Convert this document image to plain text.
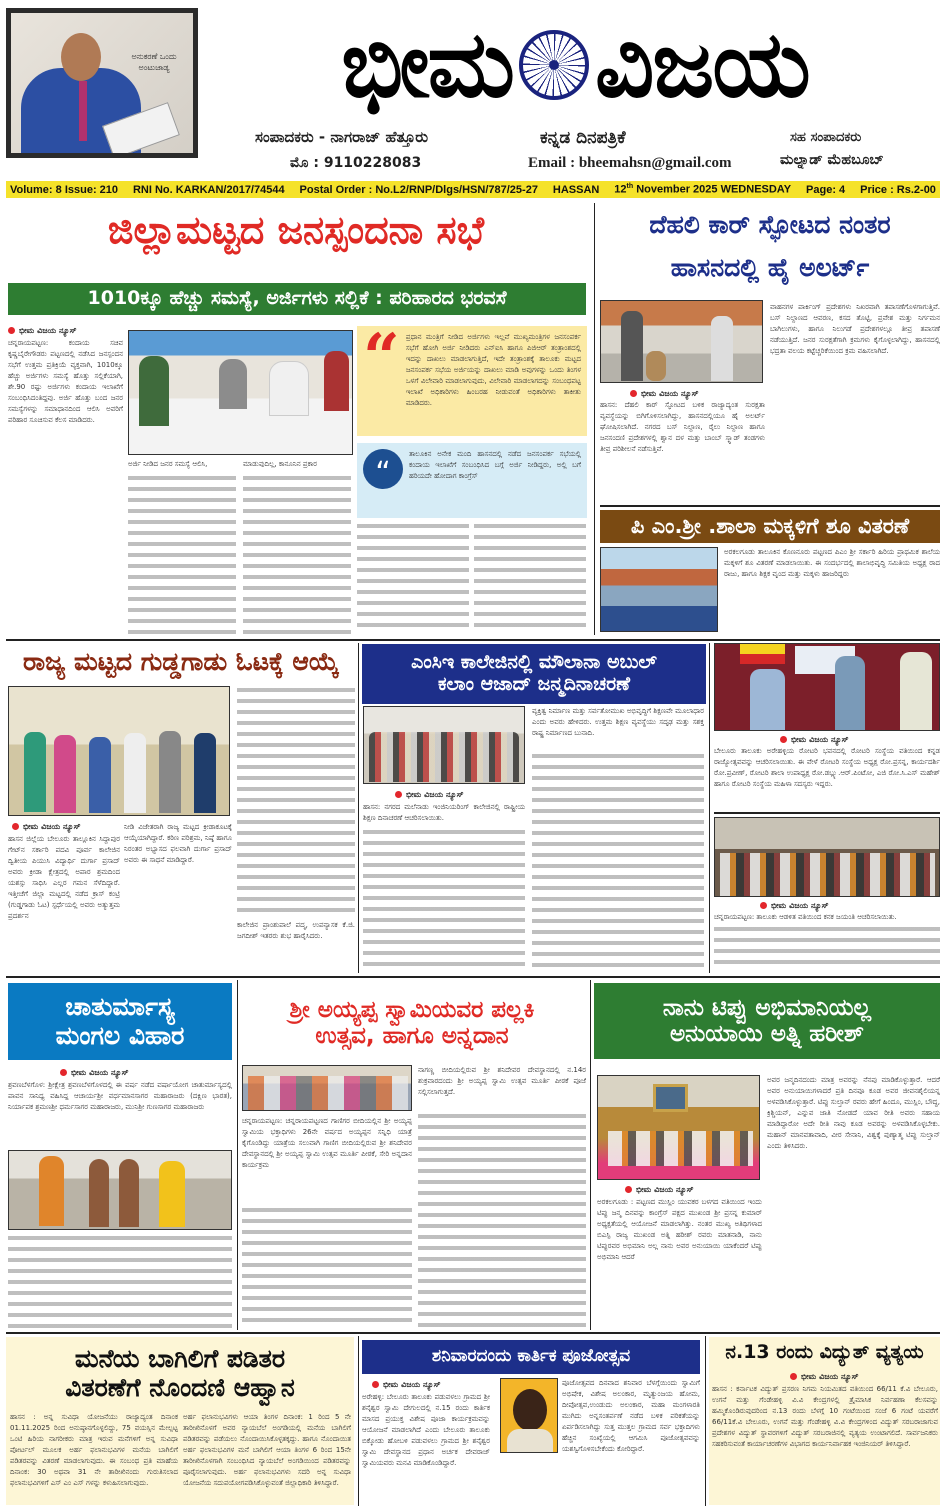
ಅನುಕರಣೆ ಒಂದು ಅಂಟುಜಾಡ್ಯ ಭೀಮ ವಿಜಯ
ಸಂಪಾದಕರು - ನಾಗರಾಜ್ ಹೆತ್ತೂರು
ಮೊ : 9110228083
ಕನ್ನಡ ದಿನಪತ್ರಿಕೆ
Email : bheemahsn@gmail.com
ಸಹ ಸಂಪಾದಕರು
ಮಲ್ನಾಡ್ ಮೆಹಬೂಬ್
Volume: 8 Issue: 210 RNI No. KARKAN/2017/74544 Postal Order : No.L2/RNP/Dlgs/HSN/787/25-27 HASSAN 12th November 2025 WEDNESDAY Page: 4 Price : Rs.2-00
ಜಿಲ್ಲಾಮಟ್ಟದ ಜನಸ್ಪಂದನಾ ಸಭೆ
1010ಕ್ಕೂ ಹೆಚ್ಚು ಸಮಸ್ಯೆ, ಅರ್ಜಿಗಳು ಸಲ್ಲಿಕೆ : ಪರಿಹಾರದ ಭರವಸೆ
ಭೀಮ ವಿಜಯ ನ್ಯೂಸ್
ಚನ್ನರಾಯಪಟ್ಟಣ: ಕಂದಾಯ ಸಚಿವ ಕೃಷ್ಣಬೈರೇಗೌಡರು ಪಟ್ಟಣದಲ್ಲಿ ನಡೆಸಿದ ಜನಸ್ಪಂದನ ಸಭೆಗೆ ಉತ್ತಮ ಪ್ರತಿಕ್ರಿಯೆ ವ್ಯಕ್ತವಾಗಿ, 1010ಕ್ಕೂ ಹೆಚ್ಚು ಅರ್ಜಿಗಳು ಸಮಸ್ಯೆ ಹೊತ್ತು ಸಲ್ಲಿಕೆಯಾಗಿ, ಶೇ.90 ರಷ್ಟು ಅರ್ಜಿಗಳು ಕಂದಾಯ ಇಲಾಖೆಗೆ ಸಂಬಂಧಿಸಿದಂತಿದ್ದವು. ಅರ್ಜಿ ಹೊತ್ತು ಬಂದ ಜನರ ಸಮಸ್ಯೆಗಳನ್ನು ಸಮಾಧಾನದಿಂದ ಆಲಿಸಿ ಅವರಿಗೆ ಪರಿಹಾರ ಸೂಚಿಸುವ ಕೆಲಸ ಮಾಡಿದರು.
ಅರ್ಜಿ ನೀಡಿದ ಜನರ ಸಮಸ್ಯೆ ಆಲಿಸಿ,	ಮಾಡುವುದಿಲ್ಲ, ಕಾನೂನಿನ ಪ್ರಕಾರ
“ ಪ್ರಧಾನ ಮಂತ್ರಿಗೆ ನೀಡಿದ ಅರ್ಜಿಗಳು ಇಲ್ಲವೆ ಮುಖ್ಯಮಂತ್ರಿಗಳ ಜನಸಂಪರ್ಕ ಸಭೆಗೆ ಹೋಗಿ ಅರ್ಜಿ ನೀಡಿದರು ಎನ್‌ಐಸಿ ಹಾಗೂ ಪಿಜಿಆರ್ ತಂತ್ರಾಂಶದಲ್ಲಿ ಇದನ್ನು ದಾಖಲು ಮಾಡಲಾಗುತ್ತಿದೆ, ಇದೇ ತಂತ್ರಾಂಶಕ್ಕೆ ತಾಲೂಕು ಮಟ್ಟದ ಜನಸಂಪರ್ಕ ಸಭೆಯ ಅರ್ಜಿಯನ್ನು ದಾಖಲು ಮಾಡಿ ಅವುಗಳನ್ನು ಒಂದು ತಿಂಗಳ ಒಳಗೆ ವಿಲೇವಾರಿ ಮಾಡಲಾಗುವುದು, ವಿಲೇವಾರಿ ಮಾಡಲಾಗದನ್ನು ಸಂಬಂಧಪಟ್ಟ ಇಲಾಖೆ ಅಧಿಕಾರಿಗಳು ಹಿಂಬರಹ ನೀಡುವಂತೆ ಅಧಿಕಾರಿಗಳು ತಾಕೀತು ಮಾಡಿದರು.
“
ತಾಲೂಕಿನ ಅನೇಕ ಮಂದಿ ಹಾಸನದಲ್ಲಿ ನಡೆದ ಜನಸಂಪರ್ಕ ಸಭೆಯಲ್ಲಿ ಕಂದಾಯ ಇಲಾಖೆಗೆ ಸಂಬಂಧಿಸಿದ ಬಗ್ಗೆ ಅರ್ಜಿ ನೀಡಿದ್ದರು, ಅಲ್ಲಿ ಬಗೆ ಹರಿಯದೇ ಹೋದಾಗ ಕಾಂಗ್ರೆಸ್
ದೆಹಲಿ ಕಾರ್ ಸ್ಫೋಟದ ನಂತರ
ಹಾಸನದಲ್ಲಿ ಹೈ ಅಲರ್ಟ್
ಭೀಮ ವಿಜಯ ನ್ಯೂಸ್
ಹಾಸನ: ದೆಹಲಿ ಕಾರ್ ಸ್ಫೋಟದ ಬಳಿಕ ರಾಜ್ಯಾದ್ಯಂತ ಸುರಕ್ಷತಾ ವ್ಯವಸ್ಥೆಯನ್ನು ಬಿಗಿಗೊಳಿಸಲಾಗಿದ್ದು, ಹಾಸನದಲ್ಲಿಯೂ ಹೈ ಅಲರ್ಟ್ ಘೋಷಿಸಲಾಗಿದೆ. ನಗರದ ಬಸ್ ನಿಲ್ದಾಣ, ರೈಲು ನಿಲ್ದಾಣ ಹಾಗೂ ಜನಸಂದಣಿ ಪ್ರದೇಶಗಳಲ್ಲಿ ಶ್ವಾನ ದಳ ಮತ್ತು ಬಾಂಬ್ ಸ್ಕ್ವಾಡ್ ತಂಡಗಳು ತೀವ್ರ ಪರಿಶೀಲನೆ ನಡೆಸುತ್ತಿವೆ.
ವಾಹನಗಳ ಪಾರ್ಕಿಂಗ್ ಪ್ರದೇಶಗಳು ನಿಖರವಾಗಿ ತಪಾಸಣೆಗೊಳಗಾಗುತ್ತಿವೆ. ಬಸ್ ನಿಲ್ದಾಣದ ಆವರಣ, ಕಸದ ತೊಟ್ಟಿ, ಪ್ರವೇಶ ಮತ್ತು ನಿರ್ಗಮನ ಬಾಗಿಲುಗಳು, ಹಾಗೂ ನಿಲುಗಡೆ ಪ್ರದೇಶಗಳಲ್ಲೂ ತೀವ್ರ ತಪಾಸಣೆ ನಡೆಯುತ್ತಿದೆ. ಜನರ ಸುರಕ್ಷತೆಗಾಗಿ ಕ್ರಮಗಳು ಕೈಗೊಳ್ಳಲಾಗಿದ್ದು, ಹಾಸನದಲ್ಲಿ ಭದ್ರತಾ ವಲಯ ಕಟ್ಟೆಚ್ಚರಿಕೆಯಿಂದ ಕ್ರಮ ವಹಿಸಲಾಗಿದೆ.
ಪಿ ಎಂ.ಶ್ರೀ .ಶಾಲಾ ಮಕ್ಕಳಿಗೆ ಶೂ ವಿತರಣೆ
ಅರಕಲಗೂಡು ತಾಲೂಕಿನ ಕೊಣನೂರು ಪಟ್ಟಣದ ಪಿಎಂ ಶ್ರೀ ಸರ್ಕಾರಿ ಹಿರಿಯ ಪ್ರಾಥಮಿಕ ಶಾಲೆಯ ಮಕ್ಕಳಿಗೆ ಶೂ ವಿತರಣೆ ಮಾಡಲಾಯಿತು. ಈ ಸಂದರ್ಭದಲ್ಲಿ ಶಾಲಾಭಿವೃದ್ಧಿ ಸಮಿತಿಯ ಅಧ್ಯಕ್ಷ ರಾದ ರಾಜು, ಹಾಗೂ ಶಿಕ್ಷಕ ವೃಂದ ಮತ್ತು ಮಕ್ಕಳು ಹಾಜರಿದ್ದರು
ರಾಜ್ಯ ಮಟ್ಟದ ಗುಡ್ಡಗಾಡು ಓಟಕ್ಕೆ ಆಯ್ಕೆ
ಭೀಮ ವಿಜಯ ನ್ಯೂಸ್
ಹಾಸನ ಜಿಲ್ಲೆಯ ಬೇಲೂರು ತಾಲ್ಲೂಕಿನ ಸಿದ್ದಾಪುರ ಗೇಟ್‌ನ ಸರ್ಕಾರಿ ಪದವಿ ಪೂರ್ವ ಕಾಲೇಜಿನ ದ್ವಿತೀಯ ಪಿಯುಸಿ ವಿದ್ಯಾರ್ಥಿ ದುರ್ಗಾ ಪ್ರಸಾದ್ ಅವರು ಕ್ರೀಡಾ ಕ್ಷೇತ್ರದಲ್ಲಿ ಅಪಾರ ಶ್ರಮದಿಂದ ಯಶಸ್ಸು ಸಾಧಿಸಿ ಎಲ್ಲರ ಗಮನ ಸೆಳೆದಿದ್ದಾರೆ. ಇತ್ತೀಚೆಗೆ ಜಿಲ್ಲಾ ಮಟ್ಟದಲ್ಲಿ ನಡೆದ ಕ್ರಾಸ್ ಕಂಟ್ರಿ (ಗುಡ್ಡಗಾಡು ಓಟ) ಸ್ಪರ್ಧೆಯಲ್ಲಿ ಅವರು ಅತ್ಯುತ್ತಮ ಪ್ರದರ್ಶನ
ನೀಡಿ ವಿಜೇತರಾಗಿ ರಾಜ್ಯ ಮಟ್ಟದ ಕ್ರೀಡಾಕೂಟಕ್ಕೆ ಆಯ್ಕೆಯಾಗಿದ್ದಾರೆ. ಕಠಿಣ ಪರಿಶ್ರಮ, ನಿಷ್ಠೆ ಹಾಗೂ ನಿರಂತರ ಅಭ್ಯಾಸದ ಫಲವಾಗಿ ದುರ್ಗಾ ಪ್ರಸಾದ್ ಅವರು ಈ ಸಾಧನೆ ಮಾಡಿದ್ದಾರೆ.
ಕಾಲೇಜಿನ ಪ್ರಾಂಶುಪಾಲೆ ಪದ್ಮ, ಉಪನ್ಯಾಸಕ ಕೆ.ಜಿ. ಜಗದೀಶ್ ಇತರರು ಶುಭ ಹಾರೈಸಿದರು.
ಎಂಸಿಇ ಕಾಲೇಜಿನಲ್ಲಿ ಮೌಲಾನಾ ಅಬುಲ್
ಕಲಾಂ ಆಜಾದ್ ಜನ್ಮದಿನಾಚರಣೆ
ಭೀಮ ವಿಜಯ ನ್ಯೂಸ್
ಹಾಸನ: ನಗರದ ಮಲೆನಾಡು ಇಂಜಿನಿಯರಿಂಗ್ ಕಾಲೇಜಿನಲ್ಲಿ ರಾಷ್ಟ್ರೀಯ ಶಿಕ್ಷಣ ದಿನಾಚರಣೆ ಆಚರಿಸಲಾಯಿತು.
ವ್ಯಕ್ತಿತ್ವ ನಿರ್ಮಾಣ ಮತ್ತು ಸರ್ವತೋಮುಖ ಅಭಿವೃದ್ಧಿಗೆ ಶಿಕ್ಷಣವೇ ಮೂಲಾಧಾರ ಎಂದು ಅವರು ಹೇಳಿದರು. ಉತ್ತಮ ಶಿಕ್ಷಣ ವ್ಯವಸ್ಥೆಯು ಸದೃಢ ಮತ್ತು ಸಶಕ್ತ ರಾಷ್ಟ್ರ ನಿರ್ಮಾಣದ ಬುನಾದಿ.
ಭೀಮ ವಿಜಯ ನ್ಯೂಸ್
ಬೇಲೂರು ತಾಲೂಕು ಅರೇಹಳ್ಳಿಯ ರೋಟರಿ ಭವನದಲ್ಲಿ ರೋಟರಿ ಸಂಸ್ಥೆಯ ವತಿಯಿಂದ ಕನ್ನಡ ರಾಜ್ಯೋತ್ಸವವನ್ನು ಆಚರಿಸಲಾಯಿತು. ಈ ವೇಳೆ ರೋಟರಿ ಸಂಸ್ಥೆಯ ಅಧ್ಯಕ್ಷ ರೋ.ಪ್ರಸನ್ನ, ಕಾರ್ಯದರ್ಶಿ ರೋ.ಪ್ರವೀಣ್, ರೋಟರಿ ಶಾಲಾ ಉಪಾಧ್ಯಕ್ಷ ರೋ.ಡಬ್ಲ್ಯು.ಆರ್.ಪಿಂಟೋ, ಎಜಿ ರೋ.ಸಿ.ಎಸ್ ಮಹೇಶ್ ಹಾಗೂ ರೋಟರಿ ಸಂಸ್ಥೆಯ ಮಹಿಳಾ ಸದಸ್ಯರು ಇದ್ದರು.
ಭೀಮ ವಿಜಯ ನ್ಯೂಸ್
ಚನ್ನರಾಯಪಟ್ಟಣ: ತಾಲೂಕು ಆಡಳಿತ ವತಿಯಿಂದ ಕನಕ ಜಯಂತಿ ಆಚರಿಸಲಾಯಿತು.
ಚಾತುರ್ಮಾಸ್ಯ
ಮಂಗಲ ವಿಹಾರ
ಭೀಮ ವಿಜಯ ನ್ಯೂಸ್
ಶ್ರವಣಬೆಳಗೊಳ: ಶ್ರೀಕ್ಷೇತ್ರ ಶ್ರವಣಬೆಳಗೊಳದಲ್ಲಿ ಈ ವರ್ಷ ನಡೆದ ವರ್ಷಾಯೋಗ ಚಾತುರ್ಮಾಸ್ಯದಲ್ಲಿ ಪಾವನ ಸಾನಿಧ್ಯ ವಹಿಸಿದ್ದ ಆಚಾರ್ಯಶ್ರೀ ವರ್ಧಮಾನಸಾಗರ ಮಹಾರಾಜರು (ದಕ್ಷಿಣ ಭಾರತ), ನಿರ್ಯಾಪಕ ಶ್ರಮಣಶ್ರೀ ಧರ್ಮಸಾಗರ ಮಹಾರಾಜರು, ಮುನಿಶ್ರೀ ಗುಣಸಾಗರ ಮಹಾರಾಜರು
ಶ್ರೀ ಅಯ್ಯಪ್ಪ ಸ್ವಾಮಿಯವರ ಪಲ್ಲಕಿ
ಉತ್ಸವ, ಹಾಗೂ ಅನ್ನದಾನ
ಚನ್ನರಾಯಪಟ್ಟಣ: ಚನ್ನರಾಯಪಟ್ಟಣದ ಗಾಣಿಗರ ಬೀದಿಯಲ್ಲಿನ ಶ್ರೀ ಅಯ್ಯಪ್ಪ ಸ್ವಾಮಿಯ ಭಕ್ತಾಧಿಗಳು 26ನೇ ವರ್ಷದ ಅಯ್ಯಪ್ಪನ ಸನ್ನಿಧಿ ಯಾತ್ರೆ ಕೈಗೊಂಡಿದ್ದು ಯಾತ್ರೆಯ ಸಲುವಾಗಿ ಗಾಣಿಗ ಬೀದಿಯಲ್ಲಿರುವ ಶ್ರೀ ಶನಿದೇವರ ದೇವಸ್ಥಾನದಲ್ಲಿ ಶ್ರೀ ಅಯ್ಯಪ್ಪ ಸ್ವಾಮಿ ಉತ್ಸವ ಮೂರ್ತಿ ಪೀಠಕೆ, ಸೇರಿ ಅನ್ನದಾನ ಕಾರ್ಯಕ್ರಮ
ನಾಗಣ್ಣ ಬೀದಿಯಲ್ಲಿರುವ ಶ್ರೀ ಶನಿದೇವರ ದೇವಸ್ಥಾನದಲ್ಲಿ ನ.14ರ ಶುಕ್ರವಾರದಂದು ಶ್ರೀ ಅಯ್ಯಪ್ಪ ಸ್ವಾಮಿ ಉತ್ಸವ ಮೂರ್ತಿ ಪೀಠಕೆ ಪೂಜೆ ಸಲ್ಲಿಸಲಾಗುತ್ತದೆ.
ನಾನು ಟಿಪ್ಪು ಅಭಿಮಾನಿಯಲ್ಲ
ಅನುಯಾಯಿ ಅತ್ನಿ ಹರೀಶ್
ಭೀಮ ವಿಜಯ ನ್ಯೂಸ್
ಅರಕಲಗೂಡು : ಪಟ್ಟಣದ ಮುಸ್ಲಿಂ ಯುವಕರ ಬಳಗದ ವತಿಯಿಂದ ಇಂದು ಟಿಪ್ಪು ಜನ್ಮ ದಿನವನ್ನು ಕಾಂಗ್ರೆಸ್ ಪಕ್ಷದ ಮುಖಂಡ ಶ್ರೀ ಪ್ರಸನ್ನ ಕುಮಾರ್ ಅಧ್ಯಕ್ಷತೆಯಲ್ಲಿ ಆಯೋಜನೆ ಮಾಡಲಾಗಿತ್ತು. ನಂತರ ಮುಖ್ಯ ಅತಿಥಿಗಳಾದ ಬಿಎಸ್ಪಿ ರಾಜ್ಯ ಮುಖಂಡ ಅತ್ನಿ ಹರೀಶ್ ರವರು ಮಾತನಾಡಿ, ನಾನು ಟಿಪ್ಪುರವರ ಅಭಿಮಾನಿ ಅಲ್ಲ ನಾನು ಅವರ ಅನುಯಾಯಿ ಯಾಕೆಂದರೆ ಟಿಪ್ಪು ಅಭಿಮಾನಿ ಆದರೆ
ಅವರ ಜನ್ಮದಿನದಂದು ಮಾತ್ರ ಅವರನ್ನು ನೆನಪು ಮಾಡಿಕೊಳ್ಳುತ್ತಾರೆ. ಆದರೆ ಅವರ ಅನುಯಾಯಿಗಳಾದರೆ ಪ್ರತಿ ದಿನವೂ ಕೂಡ ಅವರ ಜೀವನಶೈಲಿಯನ್ನ ಅಳವಡಿಸಿಕೊಳ್ಳುತ್ತಾರೆ. ಟಿಪ್ಪು ಸುಲ್ತಾನ್ ರವರು ಹೇಗೆ ಹಿಂದೂ, ಮುಸ್ಲಿಂ, ಬೌದ್ಧ, ಕ್ರಿಶ್ಚಿಯನ್, ಎನ್ನುವ ಜಾತಿ ನೋಡದೆ ಯಾವ ರೀತಿ ಅವರು ಸಹಾಯ ಮಾಡಿದ್ದಾರೋ ಅದೇ ರೀತಿ ನಾವು ಕೂಡ ಅವರನ್ನು ಅಳವಡಿಸಿಕೊಳ್ಳಬೇಕು. ಮಹಾನ್ ಮಾನವತಾವಾದಿ, ವೀರ ಸೇನಾನಿ, ವಿಶ್ವಕ್ಕೆ ಪುಣ್ಯಾತ್ಮ ಟಿಪ್ಪು ಸುಲ್ತಾನ್ ಎಂದು ತಿಳಿಸಿದರು.
ಮನೆಯ ಬಾಗಿಲಿಗೆ ಪಡಿತರ
ವಿತರಣೆಗೆ ನೊಂದಣಿ ಆಹ್ವಾನ
ಹಾಸನ : ಅನ್ನ ಸುವಿಧಾ ಯೋಜನೆಯು ರಾಜ್ಯಾದ್ಯಂತ ದಿನಾಂಕ 01.11.2025 ರಿಂದ ಅನುಷ್ಠಾನಗೊಳ್ಳಲಿದ್ದು, 75 ವಯಸ್ಸಿನ ಮೇಲ್ಪಟ್ಟ ಒಂಟಿ ಹಿರಿಯ ನಾಗರೀಕರು ಮಾತ್ರ ಇರುವ ಮನೆಗಳಿಗೆ ಅನ್ನ ಸುವಿಧಾ ಪೋರ್ಟಲ್ ಮೂಲಕ ಅರ್ಹ ಫಲಾನುಭವಿಗಳ ಮನೆಯ ಬಾಗಿಲಿಗೆ ಪಡಿತರವನ್ನು ವಿತರಣೆ ಮಾಡಲಾಗುವುದು. ಈ ಸಂಬಂಧ ಪ್ರತಿ ಮಾಹೆಯ ದಿನಾಂಕ: 30 ಅಥವಾ 31 ನೇ ತಾರೀಖಿನಂದು ಗುರುತಿಸಲಾದ ಫಲಾನುಭವಿಗಳಿಗೆ ಎಸ್ ಎಂ ಎಸ್ ಗಳನ್ನು ಕಳುಹಿಸಲಾಗುವುದು.
ಅರ್ಹ ಫಲಾನುಭವಿಗಳು ಆಯಾ ತಿಂಗಳ ದಿನಾಂಕ: 1 ರಿಂದ 5 ನೇ ತಾರೀಖಿನೊಳಗೆ ಅವರ ನ್ಯಾಯಬೆಲೆ ಅಂಗಡಿಯಲ್ಲಿ ಮನೆಯ ಬಾಗಿಲಿಗೆ ಪಡಿತರವನ್ನು ಪಡೆಯಲು ನೊಂದಾಯಿಸಿಕೊಳ್ಳತಕ್ಕದ್ದು. ಹಾಗೂ ನೊಂದಾಯಿತ ಅರ್ಹ ಫಲಾನುಭವಿಗಳ ಮನೆ ಬಾಗಿಲಿಗೆ ಆಯಾ ತಿಂಗಳ 6 ರಿಂದ 15ನೇ ತಾರೀಖಿನೊಳಗಾಗಿ ಸಂಬಂಧಿಸಿದ ನ್ಯಾಯಬೆಲೆ ಅಂಗಡಿಯಿಂದ ಪಡಿತರವನ್ನು ಪೂರೈಸಲಾಗುವುದು. ಅರ್ಹ ಫಲಾನುಭವಿಗಳು ಸದರಿ ಅನ್ನ ಸುವಿಧಾ ಯೋಜನೆಯ ಸದುಪಯೋಗಪಡಿಸಿಕೊಳ್ಳುವಂತೆ ಜಿಲ್ಲಾಧಿಕಾರಿ ತಿಳಿಸಿದ್ದಾರೆ.
ಶನಿವಾರದಂದು ಕಾರ್ತಿಕ ಪೂಜೋತ್ಸವ
ಭೀಮ ವಿಜಯ ನ್ಯೂಸ್
ಅರೇಹಳ್ಳಿ: ಬೇಲೂರು ತಾಲೂಕು ಪಡುವಳಲು ಗ್ರಾಮದ ಶ್ರೀ ಶನೈಶ್ವರ ಸ್ವಾಮಿ ದೇಗುಲದಲ್ಲಿ ನ.15 ರಂದು ಕಾರ್ತಿಕ ಮಾಸದ ಪ್ರಯುಕ್ತ ವಿಶೇಷ ಪೂಜಾ ಕಾರ್ಯಕ್ರಮವನ್ನು ಆಯೋಜನೆ ಮಾಡಲಾಗಿದೆ ಎಂದು ಬೇಲೂರು ತಾಲೂಕು ಬಿಕ್ಕೋಡು ಹೋಬಳಿ ಪಡುವಳಲು ಗ್ರಾಮದ ಶ್ರೀ ಶನೈಶ್ವರ ಸ್ವಾಮಿ ದೇವಸ್ಥಾನದ ಪ್ರಧಾನ ಅರ್ಚಕ ದೇವರಾಜ್ ಸ್ವಾಮಿಯವರು ಮನವಿ ಮಾಡಿಕೊಂಡಿದ್ದಾರೆ.
ಪೂಜೋತ್ಸವದ ದಿನವಾದ ಶನಿವಾರ ಬೆಳಗ್ಗೆಯಿಂದು ಸ್ವಾಮಿಗೆ ಅಭಿಷೇಕ, ವಿಶೇಷ ಅಲಂಕಾರ, ಮೃತ್ಯುಂಜಯ ಹೋಮ, ದೀಪೋತ್ಸವ,ಉಂಡುದು ಅಲಂಕಾರ, ಮಹಾ ಮಂಗಳಾರತಿ ಮುಗಿದು ಅನ್ನಸಂತರ್ಪಣೆ ನಡೆದ ಬಳಿಕ ಪರಿಕತೆಯನ್ನು ಏರ್ಪಡಿಸಲಾಗಿದ್ದು ಸುತ್ತ ಮುತ್ತಲ ಗ್ರಾಮದ ಸರ್ವ ಭಕ್ತಾದಿಗಳು ಹೆಚ್ಚಿನ ಸಂಖ್ಯೆಯಲ್ಲಿ ಆಗಮಿಸಿ ಪೂಜೋತ್ಸವವನ್ನು ಯಶಸ್ವಿಗೊಳಿಸಬೇಕೆಂದು ಕೋರಿದ್ದಾರೆ.
ನ.13 ರಂದು ವಿದ್ಯುತ್ ವ್ಯತ್ಯಯ
ಭೀಮ ವಿಜಯ ನ್ಯೂಸ್
ಹಾಸನ : ಕರ್ನಾಟಕ ವಿದ್ಯುತ್ ಪ್ರಸರಣ ನಿಗಮ ನಿಯಮಿತದ ವತಿಯಿಂದ 66/11 ಕೆ.ವಿ ಬೇಲೂರು, ಉಗನೆ ಮತ್ತು ಗೆಂಡೇಹಳ್ಳಿ ವಿ.ವಿ ಕೇಂದ್ರಗಳಲ್ಲಿ ತ್ರೈಮಾಸಿಕ ನಿರ್ವಹಣಾ ಕೆಲಸವನ್ನು ಹಮ್ಮಿಕೊಂಡಿರುವುದರಿಂದ ನ.13 ರಂದು ಬೆಳಗ್ಗೆ 10 ಗಂಟೆಯಿಂದ ಸಂಜೆ 6 ಗಂಟೆ ಯವರೆಗೆ 66/11ಕೆ.ವಿ ಬೇಲೂರು, ಉಗನೆ ಮತ್ತು ಗೆಂಡೇಹಳ್ಳಿ ವಿ.ವಿ ಕೇಂದ್ರಗಳಿಂದ ವಿದ್ಯುತ್ ಸರಬರಾಜಾಗುವ ಪ್ರದೇಶಗಳ ವಿದ್ಯುತ್ ಸ್ಥಾವರಗಳಿಗೆ ವಿದ್ಯುತ್ ಸರಬರಾಜಿನಲ್ಲಿ ವ್ಯತ್ಯಯ ಉಂಟಾಗಲಿದೆ. ಸಾರ್ವಜನಿಕರು ಸಹಕರಿಸುವಂತೆ ಕಾರ್ಯಾಚರಣೆಗಳ ವಿಭಾಗದ ಕಾರ್ಯನಿರ್ವಾಹಕ ಇಂಜಿನಿಯರ್ ತಿಳಿಸಿದ್ದಾರೆ.
